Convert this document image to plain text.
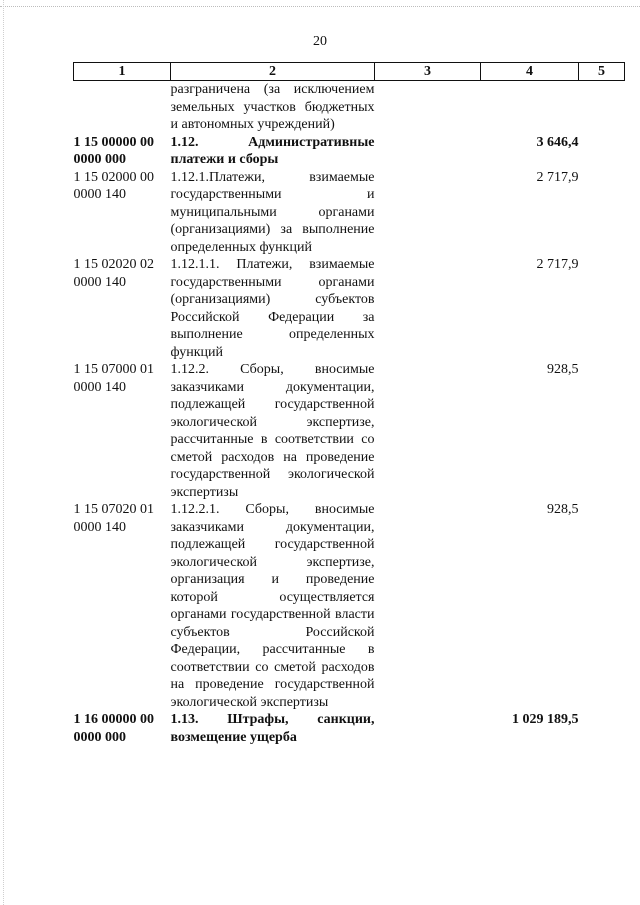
20
1	2	3	4	5
	разграниченa (за исключением земельных участков бюджетных и автономных учреждений)			
1 15 00000 00 0000 000	1.12. Административные платежи и сборы		3 646,4	
1 15 02000 00 0000 140	1.12.1.Платежи, взимаемые государственными и муниципальными органами (организациями) за выполнение определенных функций		2 717,9	
1 15 02020 02 0000 140	1.12.1.1. Платежи, взимаемые государственными органами (организациями) субъектов Российской Федерации за выполнение определенных функций		2 717,9	
1 15 07000 01 0000 140	1.12.2. Сборы, вносимые заказчиками документации, подлежащей государственной экологической экспертизе, рассчитанные в соответствии со сметой расходов на проведение государственной экологической экспертизы		928,5	
1 15 07020 01 0000 140	1.12.2.1. Сборы, вносимые заказчиками документации, подлежащей государственной экологической экспертизе, организация и проведение которой осуществляется органами государственной власти субъектов Российской Федерации, рассчитанные в соответствии со сметой расходов на проведение государственной экологической экспертизы		928,5	
1 16 00000 00 0000 000	1.13. Штрафы, санкции, возмещение ущерба		1 029 189,5	
